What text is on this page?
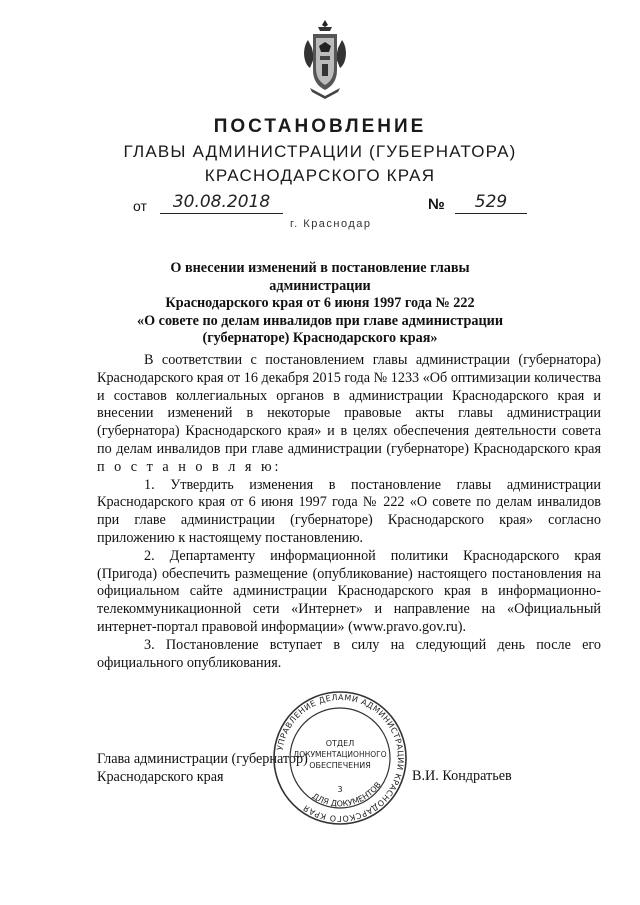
ПОСТАНОВЛЕНИЕ
ГЛАВЫ АДМИНИСТРАЦИИ (ГУБЕРНАТОРА)
КРАСНОДАРСКОГО КРАЯ
от	30.08.2018	№	529
г. Краснодар
О внесении изменений в постановление главы администрации
Краснодарского края от 6 июня 1997 года № 222
«О совете по делам инвалидов при главе администрации
(губернаторе) Краснодарского края»

В соответствии с постановлением главы администрации (губернатора) Краснодарского края от 16 декабря 2015 года № 1233 «Об оптимизации количества и составов коллегиальных органов в администрации Краснодарского края и внесении изменений в некоторые правовые акты главы администрации (губернатора) Краснодарского края» и в целях обеспечения деятельности совета по делам инвалидов при главе администрации (губернаторе) Краснодарского края п о с т а н о в л я ю:

1. Утвердить изменения в постановление главы администрации Краснодарского края от 6 июня 1997 года № 222 «О совете по делам инвалидов при главе администрации (губернаторе) Краснодарского края» согласно приложению к настоящему постановлению.

2. Департаменту информационной политики Краснодарского края (Пригода) обеспечить размещение (опубликование) настоящего постановления на официальном сайте администрации Краснодарского края в информационно-телекоммуникационной сети «Интернет» и направление на «Официальный интернет-портал правовой информации» (www.pravo.gov.ru).

3. Постановление вступает в силу на следующий день после его официального опубликования.

Глава администрации (губернатор)
Краснодарского края	В.И. Кондратьев
УПРАВЛЕНИЕ ДЕЛАМИ АДМИНИСТРАЦИИ КРАСНОДАРСКОГО КРАЯ
ДЛЯ ДОКУМЕНТОВ
ОТДЕЛ
ДОКУМЕНТАЦИОННОГО
ОБЕСПЕЧЕНИЯ
3
